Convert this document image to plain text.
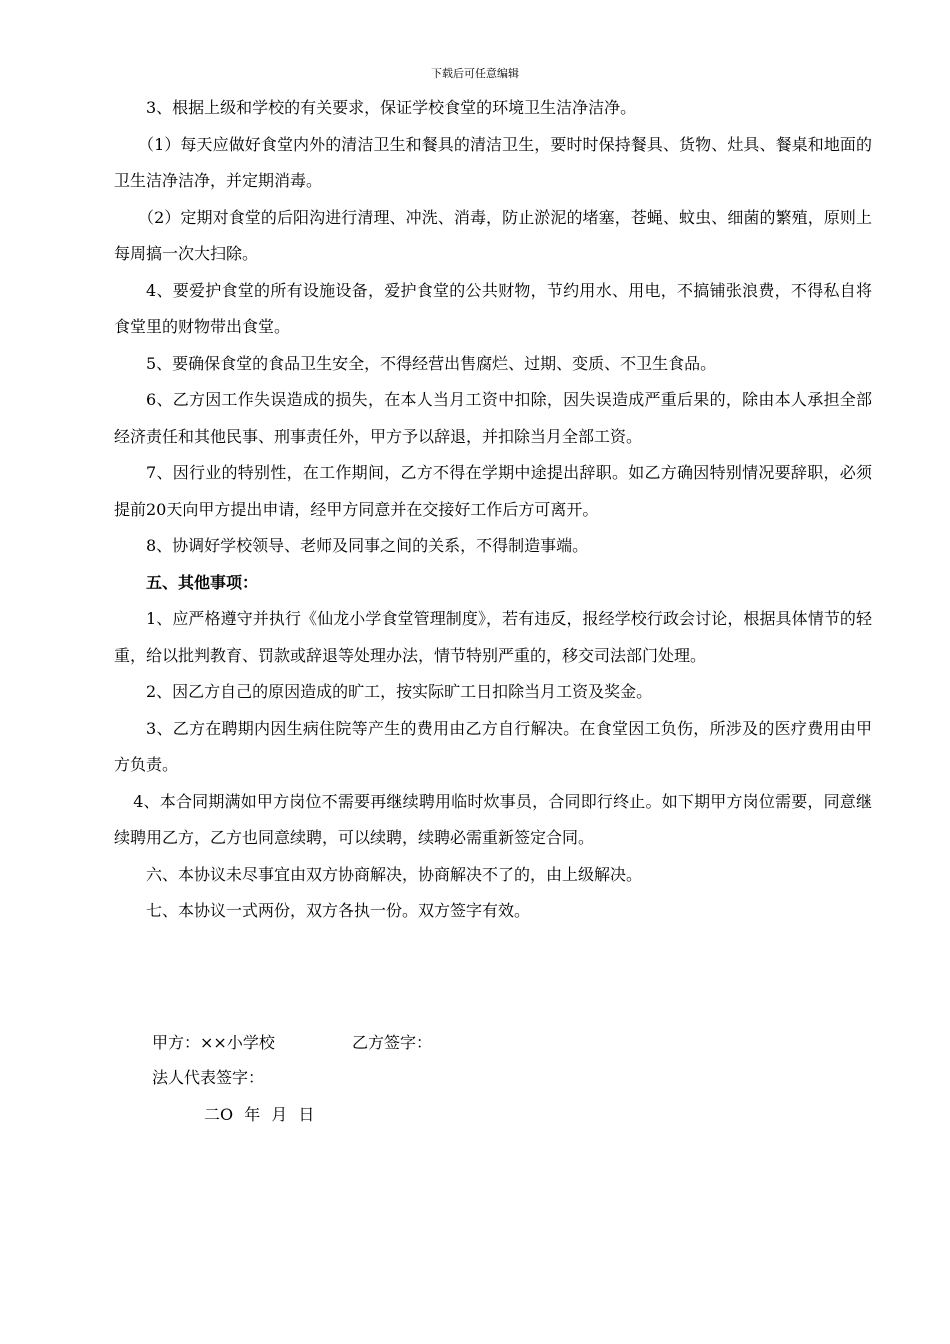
下载后可任意编辑

3、根据上级和学校的有关要求，保证学校食堂的环境卫生洁净洁净。

（1）每天应做好食堂内外的清洁卫生和餐具的清洁卫生，要时时保持餐具、货物、灶具、餐桌和地面的卫生洁净洁净，并定期消毒。

（2）定期对食堂的后阳沟进行清理、冲洗、消毒，防止淤泥的堵塞，苍蝇、蚊虫、细菌的繁殖，原则上每周搞一次大扫除。

4、要爱护食堂的所有设施设备，爱护食堂的公共财物，节约用水、用电，不搞铺张浪费，不得私自将食堂里的财物带出食堂。

5、要确保食堂的食品卫生安全，不得经营出售腐烂、过期、变质、不卫生食品。

6、乙方因工作失误造成的损失，在本人当月工资中扣除，因失误造成严重后果的，除由本人承担全部经济责任和其他民事、刑事责任外，甲方予以辞退，并扣除当月全部工资。

7、因行业的特别性，在工作期间，乙方不得在学期中途提出辞职。如乙方确因特别情况要辞职，必须提前20天向甲方提出申请，经甲方同意并在交接好工作后方可离开。

8、协调好学校领导、老师及同事之间的关系，不得制造事端。

五、其他事项：

1、应严格遵守并执行《仙龙小学食堂管理制度》，若有违反，报经学校行政会讨论，根据具体情节的轻重，给以批判教育、罚款或辞退等处理办法，情节特别严重的，移交司法部门处理。

2、因乙方自己的原因造成的旷工，按实际旷工日扣除当月工资及奖金。

3、乙方在聘期内因生病住院等产生的费用由乙方自行解决。在食堂因工负伤，所涉及的医疗费用由甲方负责。

4、本合同期满如甲方岗位不需要再继续聘用临时炊事员，合同即行终止。如下期甲方岗位需要，同意继续聘用乙方，乙方也同意续聘，可以续聘，续聘必需重新签定合同。

六、本协议未尽事宜由双方协商解决，协商解决不了的，由上级解决。

七、本协议一式两份，双方各执一份。双方签字有效。

甲方：××小学校	乙方签字：
法人代表签字：
二O 年 月 日
